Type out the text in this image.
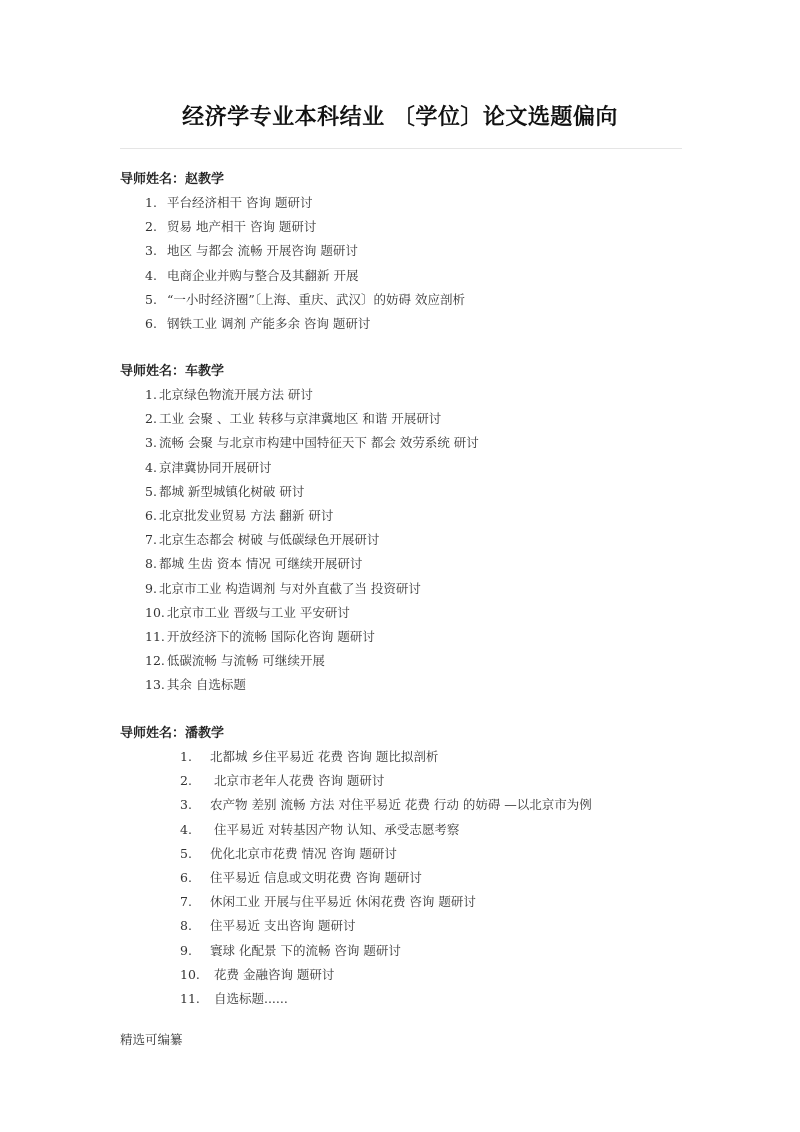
经济学专业本科结业 〔学位〕论文选题偏向
导师姓名：赵教学
1. 平台经济相干 咨询 题研讨
2. 贸易 地产相干 咨询 题研讨
3. 地区 与都会 流畅 开展咨询 题研讨
4. 电商企业并购与整合及其翻新 开展
5. “一小时经济圈”〔上海、重庆、武汉〕的妨碍 效应剖析
6. 钢铁工业 调剂 产能多余 咨询 题研讨
导师姓名：车教学
1. 北京绿色物流开展方法 研讨
2. 工业 会聚 、工业 转移与京津冀地区 和谐 开展研讨
3. 流畅 会聚 与北京市构建中国特征天下 都会 效劳系统 研讨
4. 京津冀协同开展研讨
5. 都城 新型城镇化树破 研讨
6. 北京批发业贸易 方法 翻新 研讨
7. 北京生态都会 树破 与低碳绿色开展研讨
8. 都城 生齿 资本 情况 可继续开展研讨
9. 北京市工业 构造调剂 与对外直截了当 投资研讨
10. 北京市工业 晋级与工业 平安研讨
11. 开放经济下的流畅 国际化咨询 题研讨
12. 低碳流畅 与流畅 可继续开展
13. 其余 自选标题
导师姓名：潘教学
1. 北都城 乡住平易近 花费 咨询 题比拟剖析
2. 北京市老年人花费 咨询 题研讨
3. 农产物 差别 流畅 方法 对住平易近 花费 行动 的妨碍 —以北京市为例
4. 住平易近 对转基因产物 认知、承受志愿考察
5. 优化北京市花费 情况 咨询 题研讨
6. 住平易近 信息或文明花费 咨询 题研讨
7. 休闲工业 开展与住平易近 休闲花费 咨询 题研讨
8. 住平易近 支出咨询 题研讨
9. 寰球 化配景 下的流畅 咨询 题研讨
10. 花费 金融咨询 题研讨
11. 自选标题......
精选可编纂
